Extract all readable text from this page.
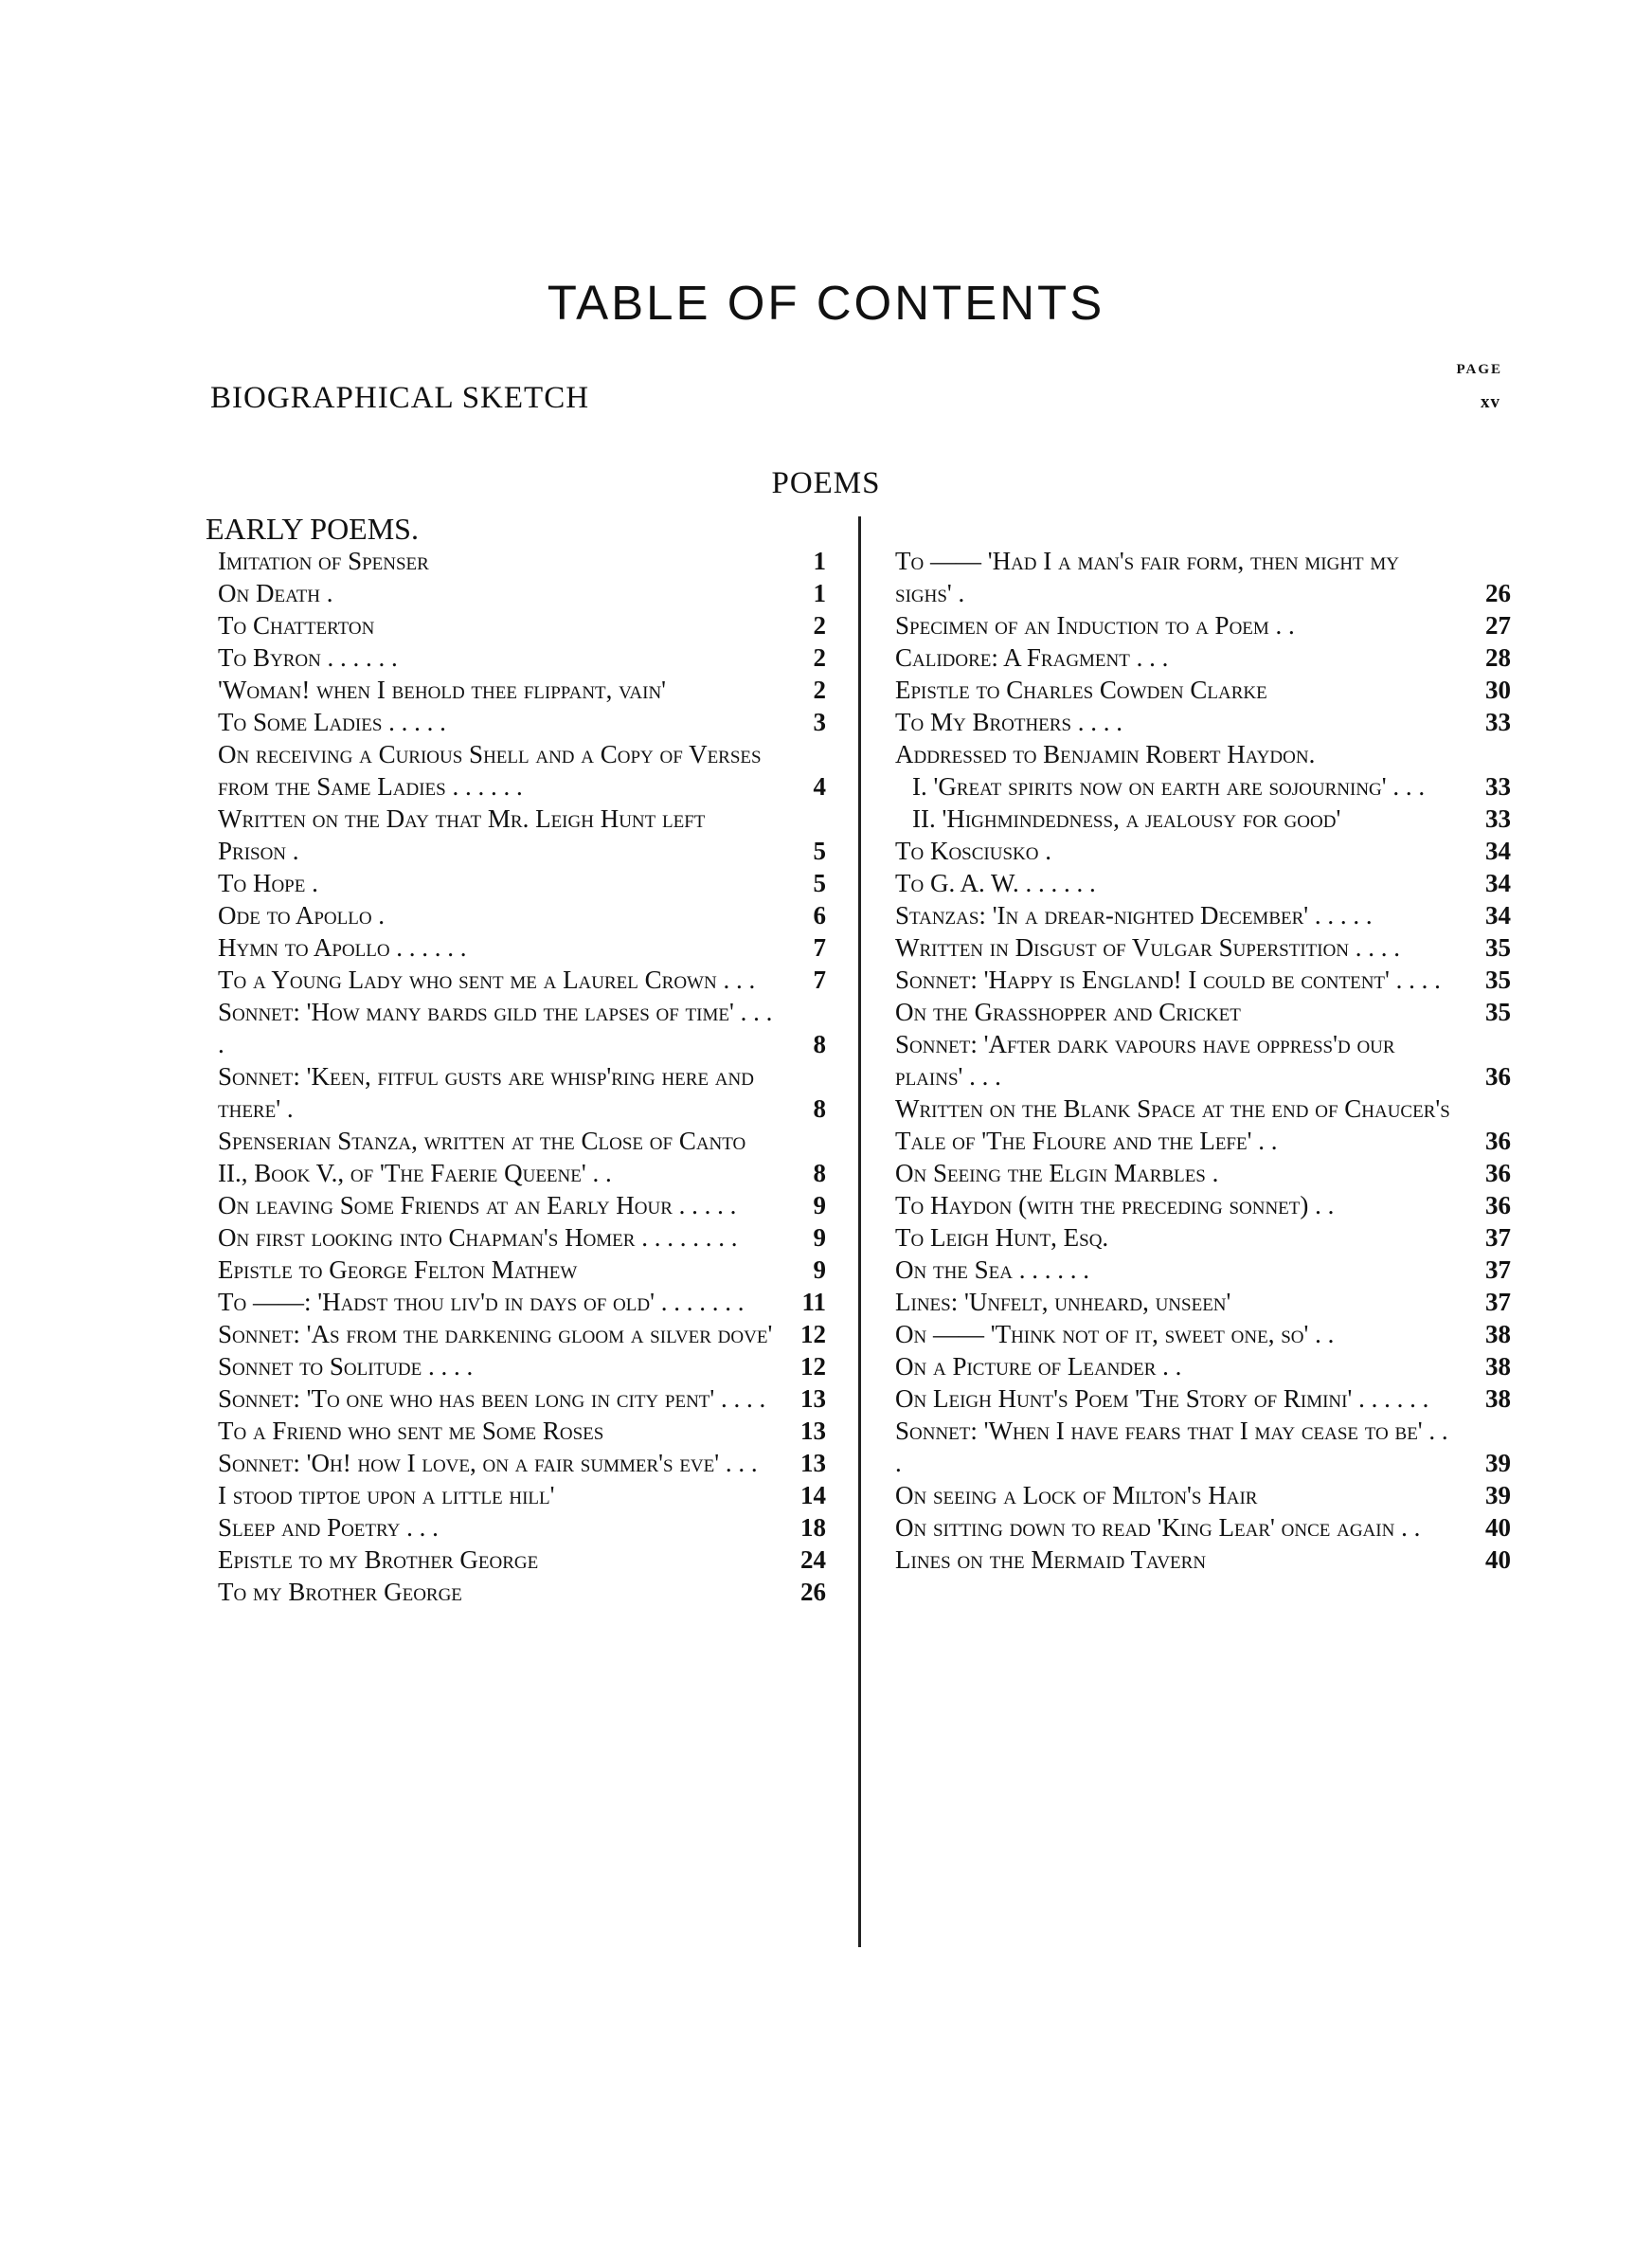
TABLE OF CONTENTS
PAGE
BIOGRAPHICAL SKETCH	xv
POEMS
EARLY POEMS.
Imitation of Spenser	1
On Death .	1
To Chatterton	2
To Byron . . . . . .	2
'Woman! when I behold thee flippant, vain'	2
To Some Ladies . . . . .	3
On receiving a Curious Shell and a Copy of Verses from the Same Ladies . . . . . .	4
Written on the Day that Mr. Leigh Hunt left Prison .	5
To Hope .	5
Ode to Apollo .	6
Hymn to Apollo . . . . . .	7
To a Young Lady who sent me a Laurel Crown . . .	7
Sonnet: 'How many bards gild the lapses of time' . . . .	8
Sonnet: 'Keen, fitful gusts are whisp'ring here and there' .	8
Spenserian Stanza, written at the Close of Canto II., Book V., of 'The Faerie Queene' . .	8
On leaving Some Friends at an Early Hour . . . . .	9
On first looking into Chapman's Homer . . . . . . . .	9
Epistle to George Felton Mathew	9
To ——: 'Hadst thou liv'd in days of old' . . . . . . .	11
Sonnet: 'As from the darkening gloom a silver dove'	12
Sonnet to Solitude . . . .	12
Sonnet: 'To one who has been long in city pent' . . . .	13
To a Friend who sent me Some Roses	13
Sonnet: 'Oh! how I love, on a fair summer's eve' . . .	13
I stood tiptoe upon a little hill'	14
Sleep and Poetry . . .	18
Epistle to my Brother George	24
To my Brother George	26
To —— 'Had I a man's fair form, then might my sighs' .	26
Specimen of an Induction to a Poem . .	27
Calidore: A Fragment . . .	28
Epistle to Charles Cowden Clarke	30
To My Brothers . . . .	33
Addressed to Benjamin Robert Haydon.
I. 'Great spirits now on earth are sojourning' . . .	33
II. 'Highmindedness, a jealousy for good'	33
To Kosciusko .	34
To G. A. W. . . . . . .	34
Stanzas: 'In a drear-nighted December' . . . . .	34
Written in Disgust of Vulgar Superstition . . . .	35
Sonnet: 'Happy is England! I could be content' . . . .	35
On the Grasshopper and Cricket	35
Sonnet: 'After dark vapours have oppress'd our plains' . . .	36
Written on the Blank Space at the end of Chaucer's Tale of 'The Floure and the Lefe' . .	36
On Seeing the Elgin Marbles .	36
To Haydon (with the preceding sonnet) . .	36
To Leigh Hunt, Esq.	37
On the Sea . . . . . .	37
Lines: 'Unfelt, unheard, unseen'	37
On —— 'Think not of it, sweet one, so' . .	38
On a Picture of Leander . .	38
On Leigh Hunt's Poem 'The Story of Rimini' . . . . . .	38
Sonnet: 'When I have fears that I may cease to be' . . .	39
On seeing a Lock of Milton's Hair	39
On sitting down to read 'King Lear' once again . .	40
Lines on the Mermaid Tavern	40
